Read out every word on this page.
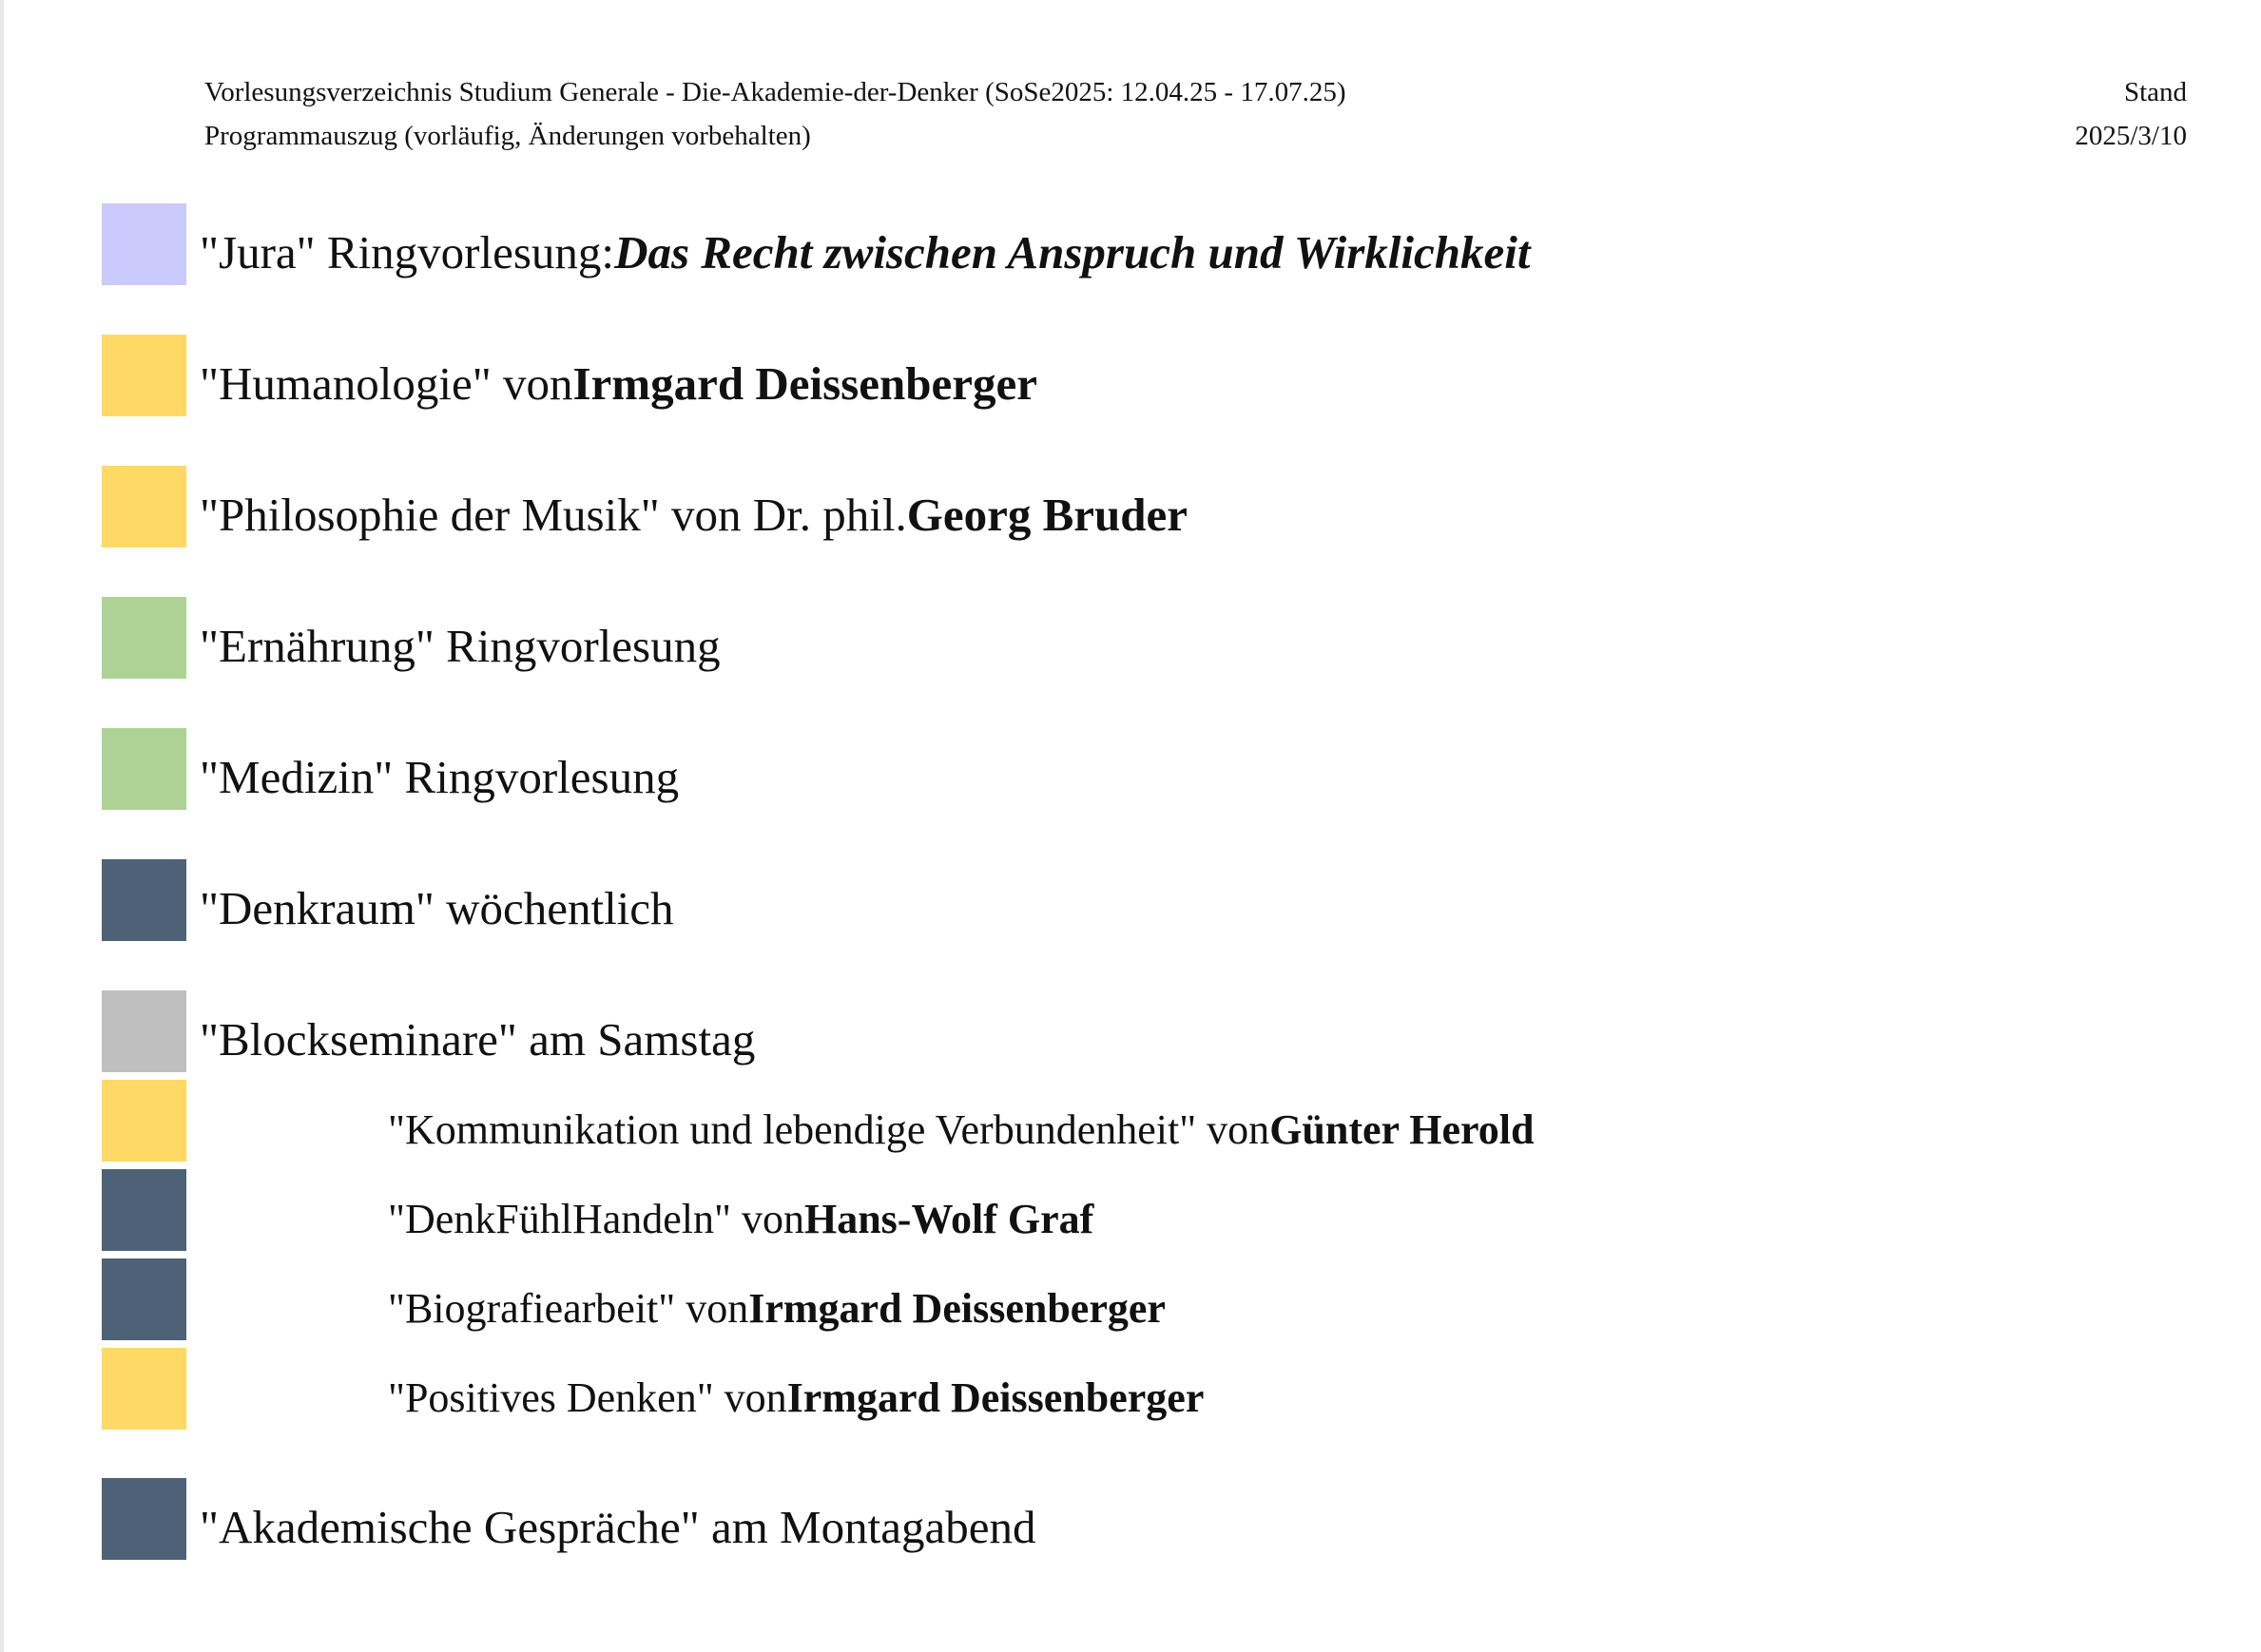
Vorlesungsverzeichnis Studium Generale - Die-Akademie-der-Denker (SoSe2025: 12.04.25 - 17.07.25)	Stand
Programmauszug (vorläufig, Änderungen vorbehalten)	2025/3/10
"Jura" Ringvorlesung: Das Recht zwischen Anspruch und Wirklichkeit
"Humanologie" von Irmgard Deissenberger
"Philosophie der Musik" von Dr. phil. Georg Bruder
"Ernährung" Ringvorlesung
"Medizin" Ringvorlesung
"Denkraum" wöchentlich
"Blockseminare" am Samstag
"Kommunikation und lebendige Verbundenheit" von Günter Herold
"DenkFühlHandeln" von Hans-Wolf Graf
"Biografiearbeit" von Irmgard Deissenberger
"Positives Denken" von Irmgard Deissenberger
"Akademische Gespräche" am Montagabend
